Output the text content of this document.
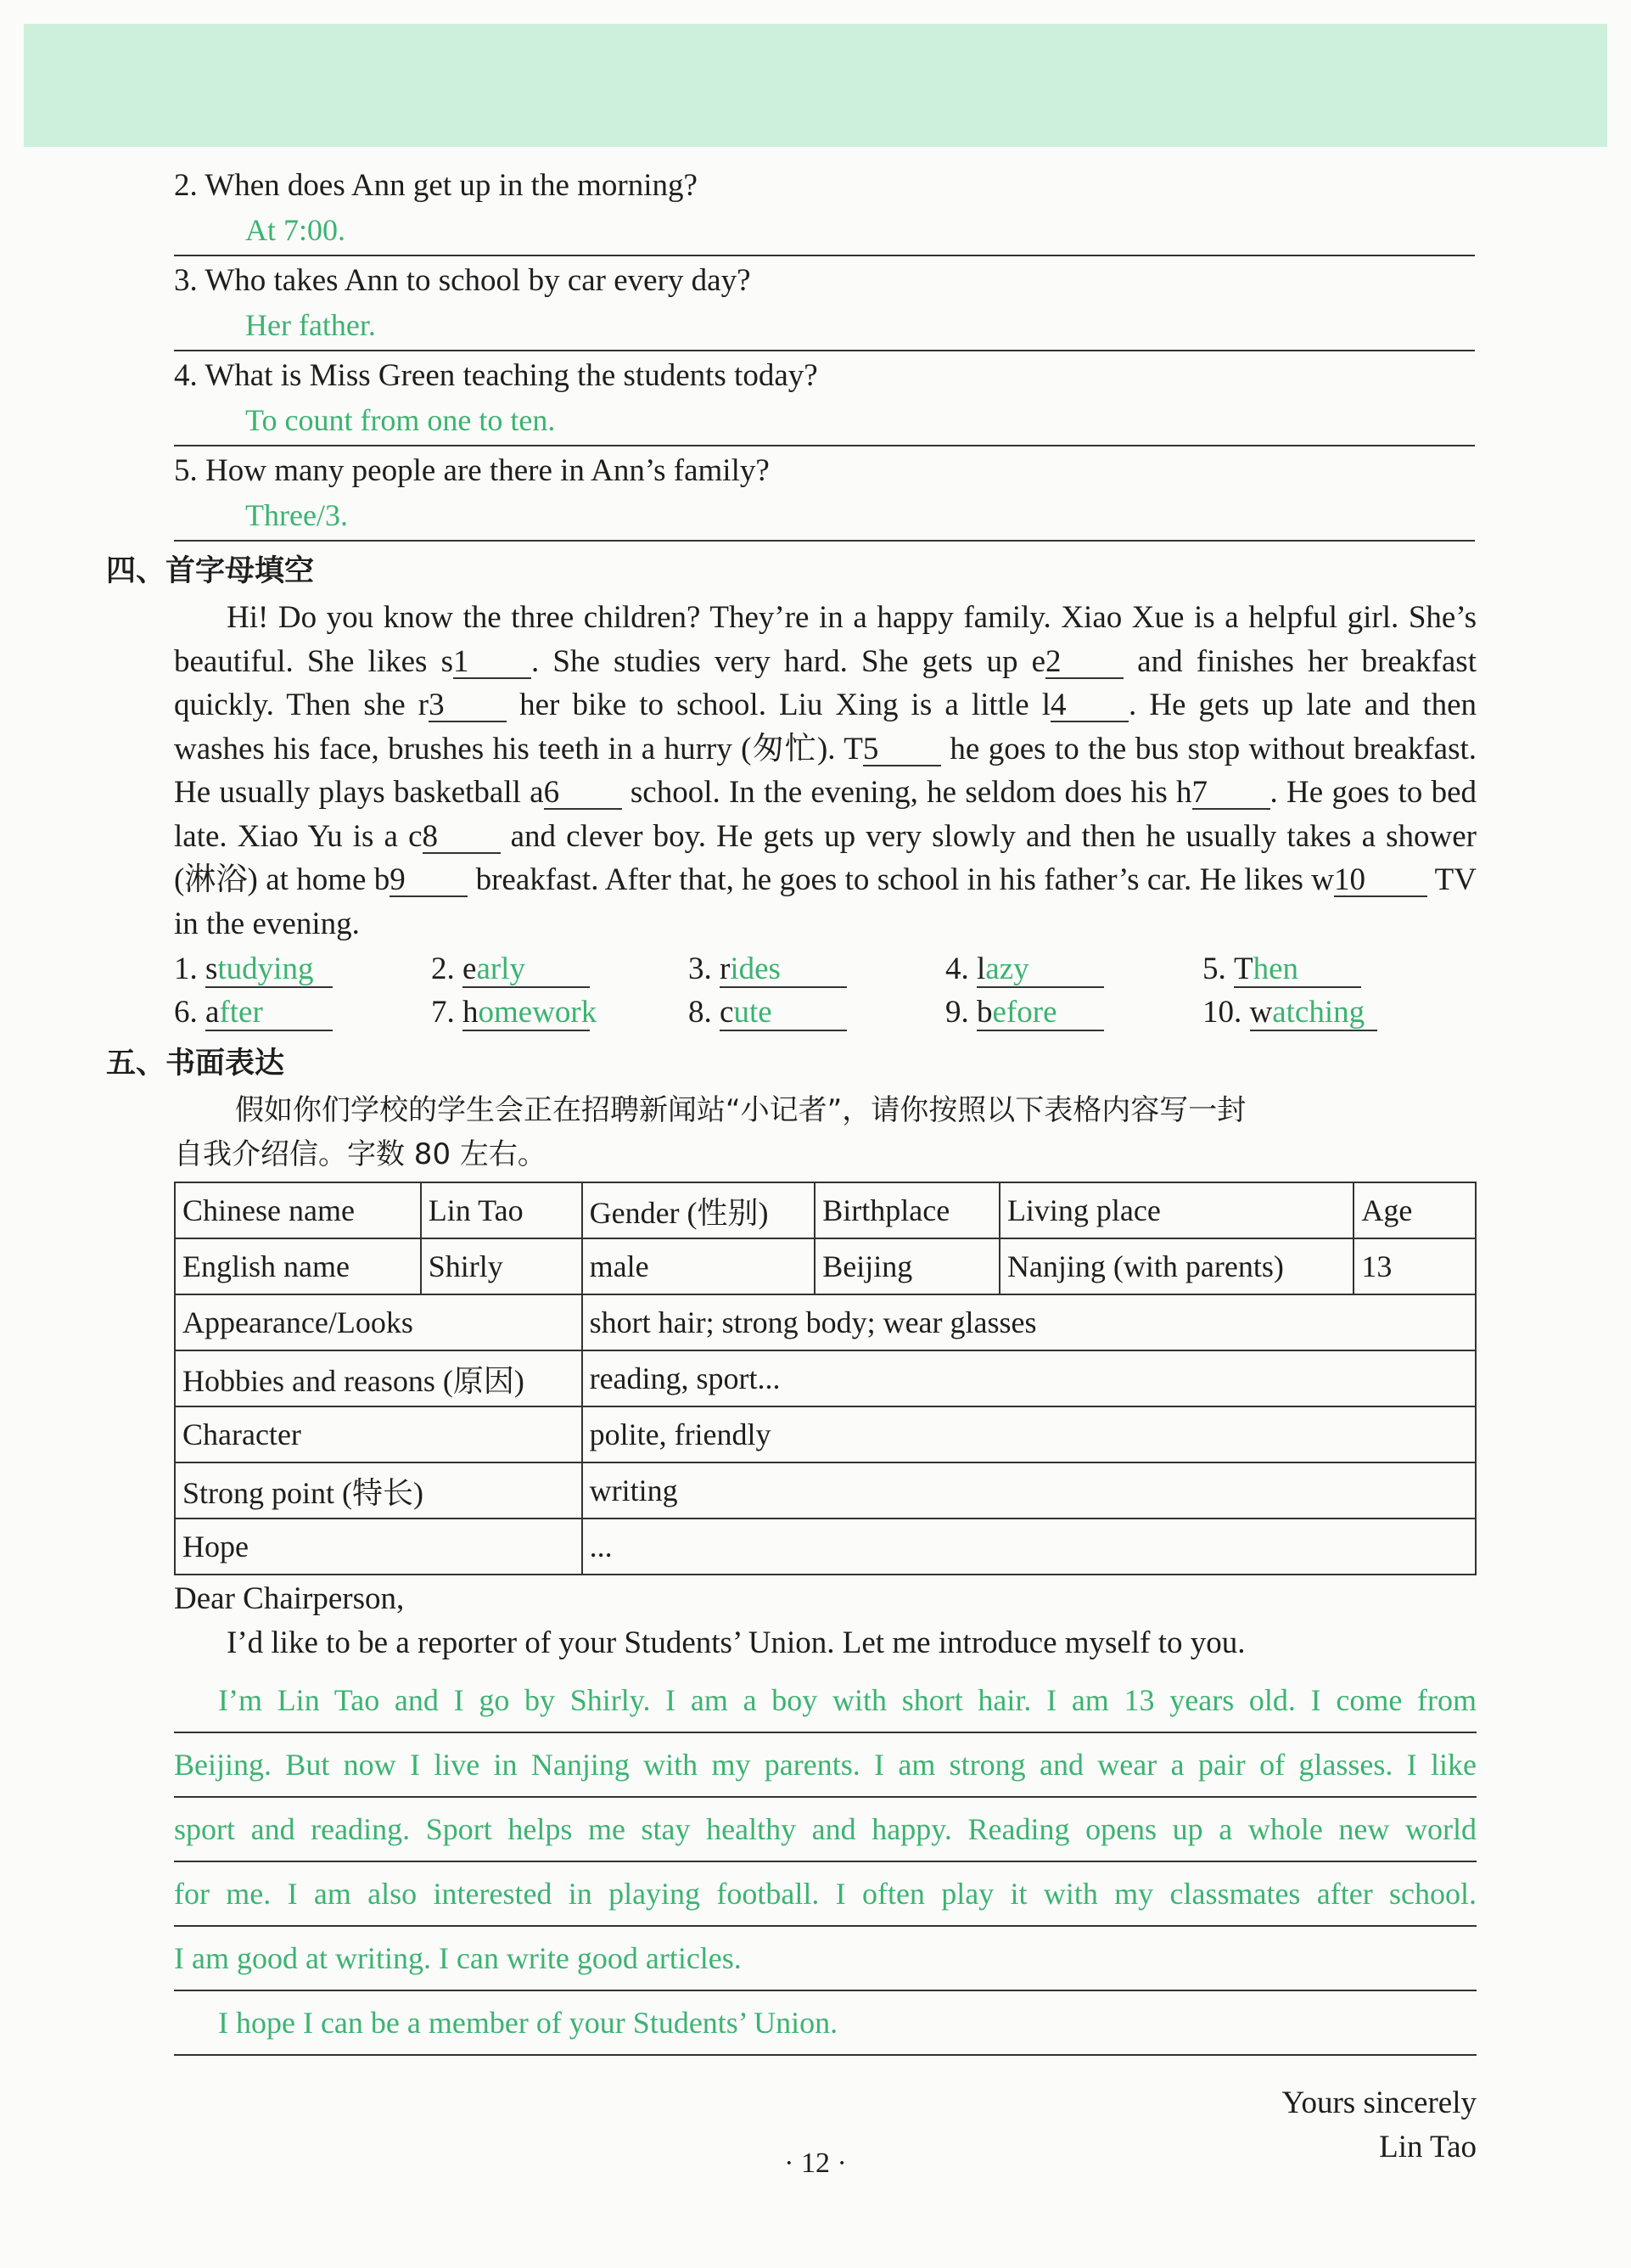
2. When does Ann get up in the morning?
At 7:00.
3. Who takes Ann to school by car every day?
Her father.
4. What is Miss Green teaching the students today?
To count from one to ten.
5. How many people are there in Ann’s family?
Three/3.
四、首字母填空
Hi! Do you know the three children? They’re in a happy family. Xiao Xue is a helpful girl. She’s beautiful. She likes s1 . She studies very hard. She gets up e2 and finishes her breakfast quickly. Then she r3 her bike to school. Liu Xing is a little l4 . He gets up late and then washes his face, brushes his teeth in a hurry (匆忙). T5 he goes to the bus stop without breakfast. He usually plays basketball a6 school. In the evening, he seldom does his h7 . He goes to bed late. Xiao Yu is a c8 and clever boy. He gets up very slowly and then he usually takes a shower (淋浴) at home b9 breakfast. After that, he goes to school in his father’s car. He likes w10 TV in the evening.
1. studying	2. early	3. rides	4. lazy	5. Then
6. after	7. homework	8. cute	9. before	10. watching
五、书面表达
假如你们学校的学生会正在招聘新闻站“小记者”，请你按照以下表格内容写一封
自我介绍信。字数 80 左右。
Chinese name	Lin Tao	Gender (性别)	Birthplace	Living place	Age
English name	Shirly	male	Beijing	Nanjing (with parents)	13
Appearance/Looks		short hair; strong body; wear glasses			
Hobbies and reasons (原因)		reading, sport...			
Character		polite, friendly			
Strong point (特长)		writing			
Hope		...			
Dear Chairperson,
I’d like to be a reporter of your Students’ Union. Let me introduce myself to you.
I’m Lin Tao and I go by Shirly. I am a boy with short hair. I am 13 years old. I come from
Beijing. But now I live in Nanjing with my parents. I am strong and wear a pair of glasses. I like
sport and reading. Sport helps me stay healthy and happy. Reading opens up a whole new world
for me. I am also interested in playing football. I often play it with my classmates after school.
I am good at writing. I can write good articles.
I hope I can be a member of your Students’ Union.
Yours sincerely
Lin Tao
· 12 ·
